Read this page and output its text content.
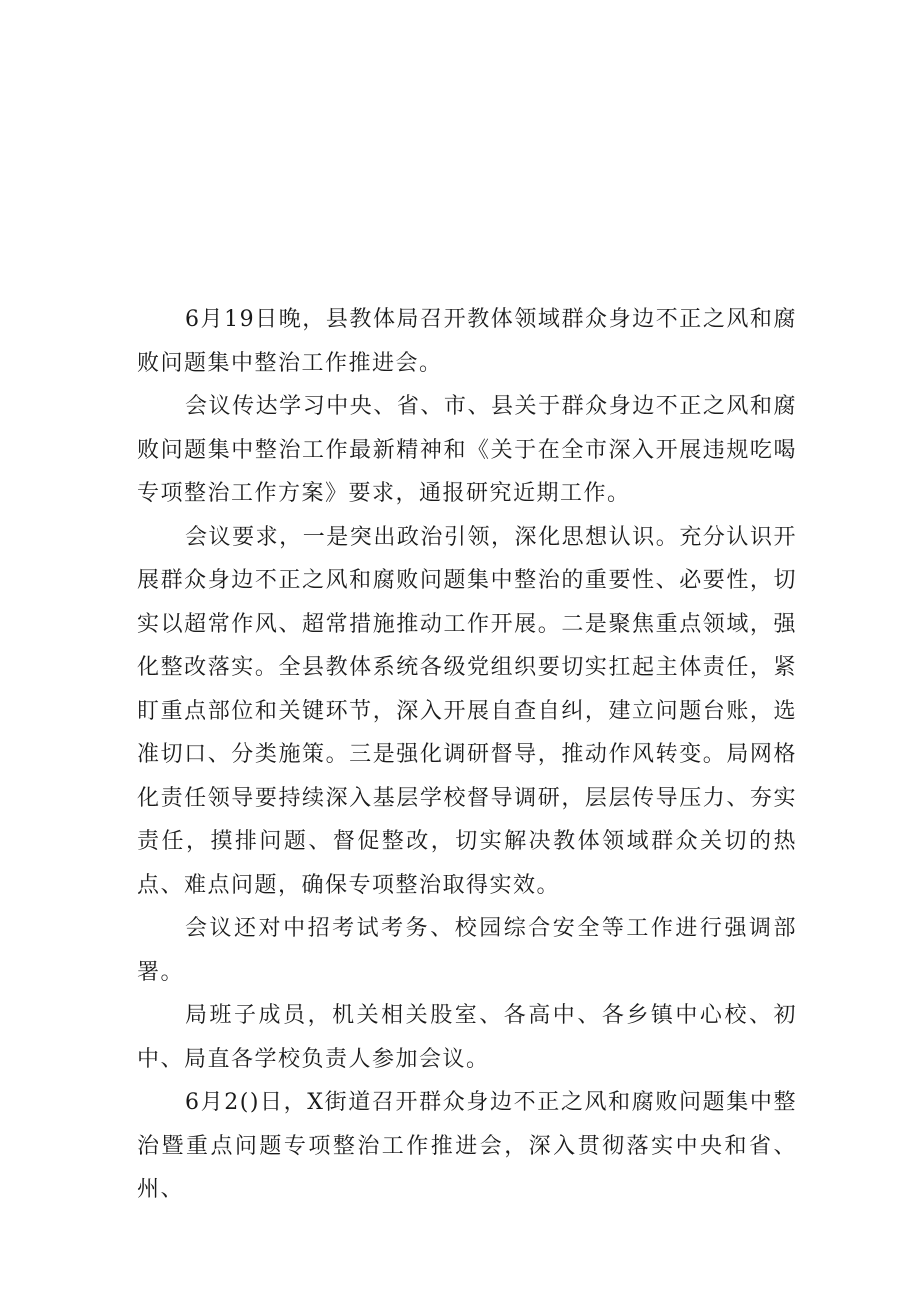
6月19日晚，县教体局召开教体领域群众身边不正之风和腐败问题集中整治工作推进会。

会议传达学习中央、省、市、县关于群众身边不正之风和腐败问题集中整治工作最新精神和《关于在全市深入开展违规吃喝专项整治工作方案》要求，通报研究近期工作。

会议要求，一是突出政治引领，深化思想认识。充分认识开展群众身边不正之风和腐败问题集中整治的重要性、必要性，切实以超常作风、超常措施推动工作开展。二是聚焦重点领域，强化整改落实。全县教体系统各级党组织要切实扛起主体责任，紧盯重点部位和关键环节，深入开展自查自纠，建立问题台账，选准切口、分类施策。三是强化调研督导，推动作风转变。局网格化责任领导要持续深入基层学校督导调研，层层传导压力、夯实责任，摸排问题、督促整改，切实解决教体领域群众关切的热点、难点问题，确保专项整治取得实效。

会议还对中招考试考务、校园综合安全等工作进行强调部署。

局班子成员，机关相关股室、各高中、各乡镇中心校、初中、局直各学校负责人参加会议。

6月2()日，X街道召开群众身边不正之风和腐败问题集中整治暨重点问题专项整治工作推进会，深入贯彻落实中央和省、州、
